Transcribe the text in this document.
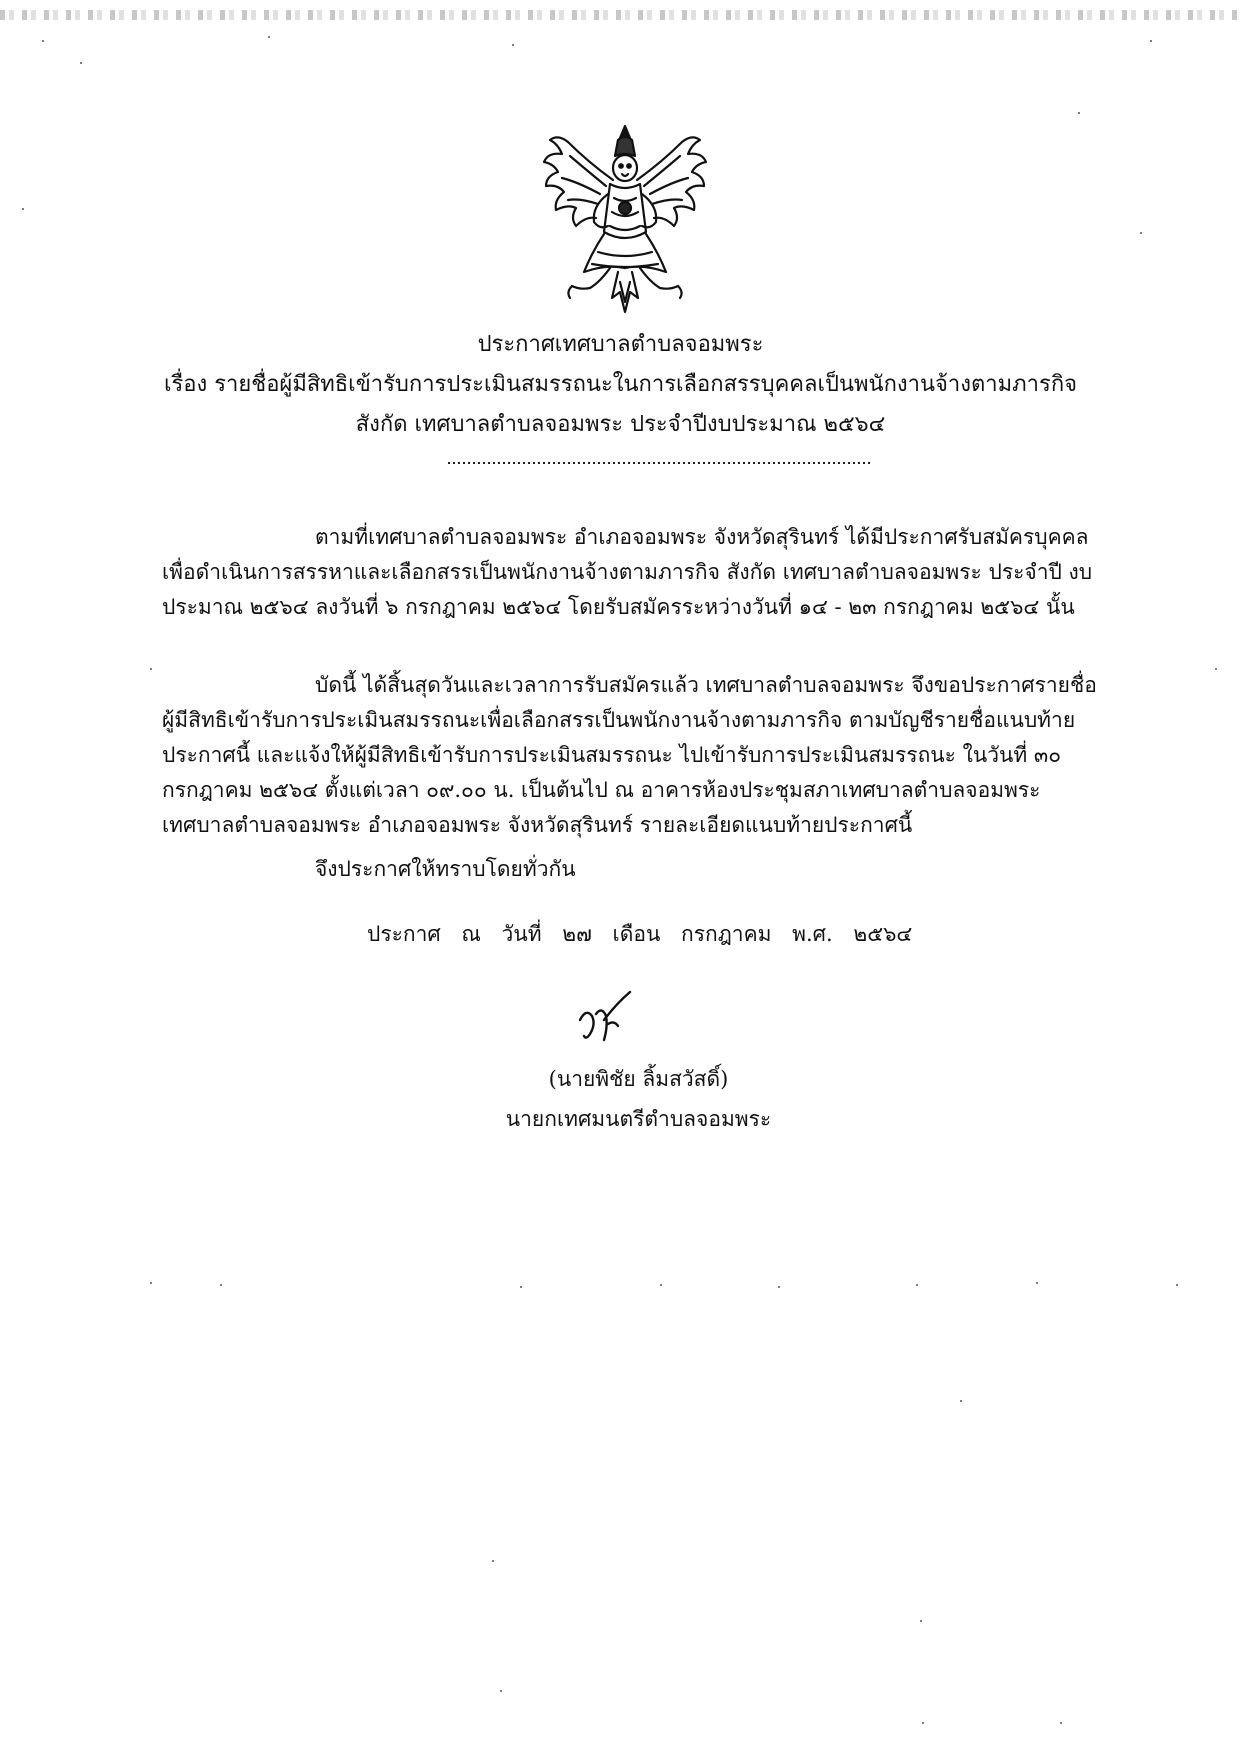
ประกาศเทศบาลตำบลจอมพระ
เรื่อง รายชื่อผู้มีสิทธิเข้ารับการประเมินสมรรถนะในการเลือกสรรบุคคลเป็นพนักงานจ้างตามภารกิจ
สังกัด เทศบาลตำบลจอมพระ ประจำปีงบประมาณ ๒๕๖๔
ตามที่เทศบาลตำบลจอมพระ อำเภอจอมพระ จังหวัดสุรินทร์ ได้มีประกาศรับสมัครบุคคล เพื่อดำเนินการสรรหาและเลือกสรรเป็นพนักงานจ้างตามภารกิจ สังกัด เทศบาลตำบลจอมพระ ประจำปี งบประมาณ ๒๕๖๔ ลงวันที่ ๖ กรกฎาคม ๒๕๖๔ โดยรับสมัครระหว่างวันที่ ๑๔ - ๒๓ กรกฎาคม ๒๕๖๔ นั้น
บัดนี้ ได้สิ้นสุดวันและเวลาการรับสมัครแล้ว เทศบาลตำบลจอมพระ จึงขอประกาศรายชื่อ ผู้มีสิทธิเข้ารับการประเมินสมรรถนะเพื่อเลือกสรรเป็นพนักงานจ้างตามภารกิจ ตามบัญชีรายชื่อแนบท้าย ประกาศนี้ และแจ้งให้ผู้มีสิทธิเข้ารับการประเมินสมรรถนะ ไปเข้ารับการประเมินสมรรถนะ ในวันที่ ๓๐ กรกฎาคม ๒๕๖๔ ตั้งแต่เวลา ๐๙.๐๐ น. เป็นต้นไป ณ อาคารห้องประชุมสภาเทศบาลตำบลจอมพระ เทศบาลตำบลจอมพระ อำเภอจอมพระ จังหวัดสุรินทร์ รายละเอียดแนบท้ายประกาศนี้
จึงประกาศให้ทราบโดยทั่วกัน
ประกาศ ณ วันที่ ๒๗ เดือน กรกฎาคม พ.ศ. ๒๕๖๔
(นายพิชัย ลิ้มสวัสดิ์)
นายกเทศมนตรีตำบลจอมพระ
